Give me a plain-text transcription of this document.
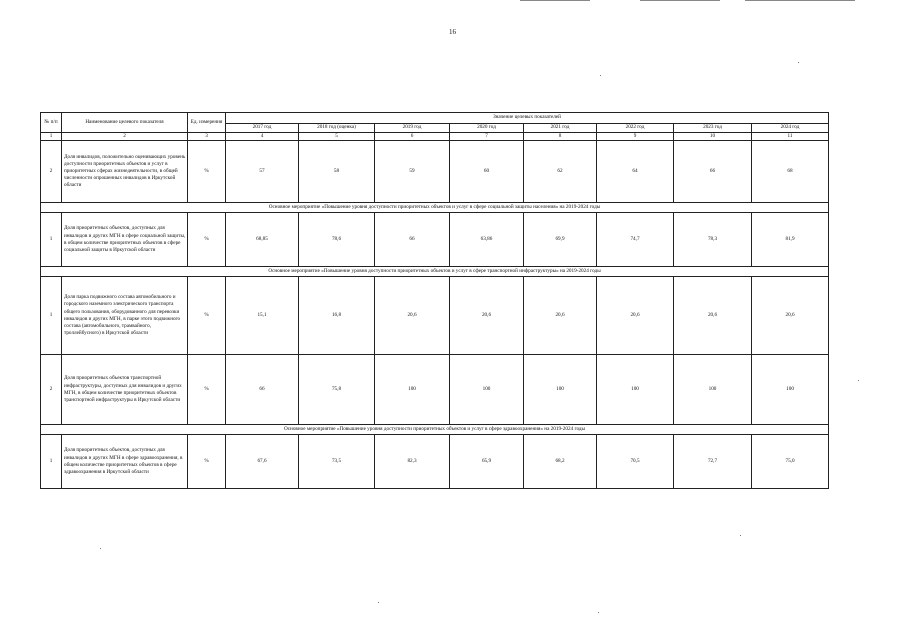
16
№ п/п	Наименование целевого показателя	Ед. измерения	Значение целевых показателей							
			2017 год	2018 год (оценка)	2019 год	2020 год	2021 год	2022 год	2023 год	2024 год
1	2	3	4	5	6	7	8	9	10	11
2	Доля инвалидов, положительно оценивающих уровень доступности приоритетных объектов и услуг в приоритетных сферах жизнедеятельности, в общей численности опрошенных инвалидов в Иркутской области	%	57	58	59	60	62	64	66	68
Основное мероприятие «Повышение уровня доступности приоритетных объектов и услуг в сфере социальной защиты населения» на 2019-2024 годы										
1	Доля приоритетных объектов, доступных для инвалидов и других МГН в сфере социальной защиты, в общем количестве приоритетных объектов в сфере социальной защиты в Иркутской области	%	68,85	78,6	66	63,86	69,9	74,7	78,3	81,9
Основное мероприятие «Повышение уровня доступности приоритетных объектов и услуг в сфере транспортной инфраструктуры» на 2019-2024 годы										
1	Доля парка подвижного состава автомобильного и городского наземного электрического транспорта общего пользования, оборудованного для перевозки инвалидов и других МГН, в парке этого подвижного состава (автомобильного, трамвайного, троллейбусного) в Иркутской области	%	15,1	16,8	20,6	20,6	20,6	20,6	20,6	20,6
2	Доля приоритетных объектов транспортной инфраструктуры, доступных для инвалидов и других МГН, в общем количестве приоритетных объектов транспортной инфраструктуры в Иркутской области	%	66	75,8	100	100	100	100	100	100
Основное мероприятие «Повышение уровня доступности приоритетных объектов и услуг в сфере здравоохранения» на 2019-2024 годы										
1	Доля приоритетных объектов, доступных для инвалидов и других МГН в сфере здравоохранения, в общем количестве приоритетных объектов в сфере здравоохранения в Иркутской области	%	67,6	73,5	82,3	65,9	68,2	70,5	72,7	75,0
